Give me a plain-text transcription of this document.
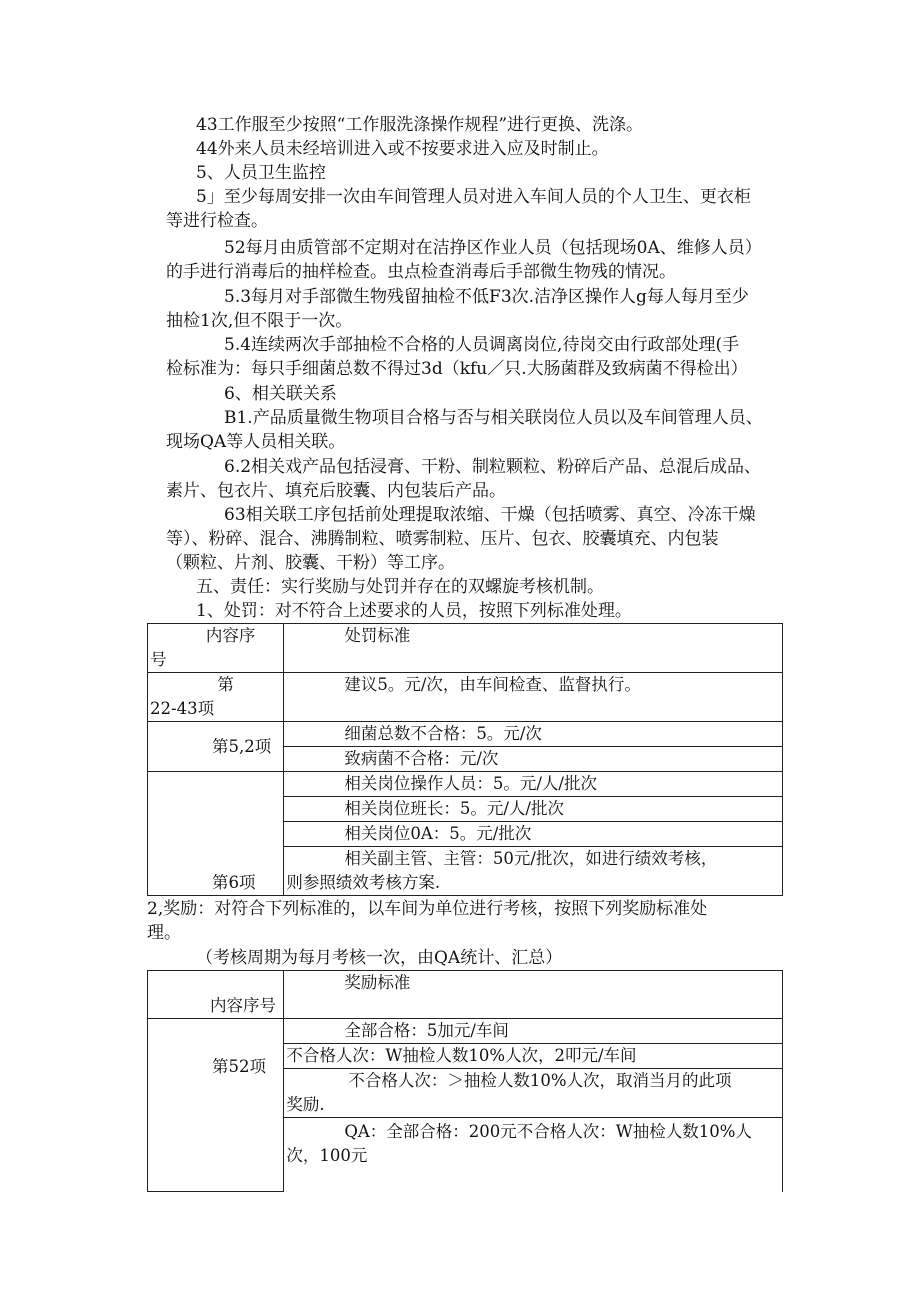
43工作服至少按照“工作服洗涤操作规程”进行更换、洗涤。
44外来人员未经培训进入或不按要求进入应及时制止。
5、人员卫生监控
5」至少每周安排一次由车间管理人员对进入车间人员的个人卫生、更衣柜
等进行检查。
52每月由质管部不定期对在洁挣区作业人员（包括现场0A、维修人员）
的手进行消毒后的抽样检查。虫点检查消毒后手部微生物残的情况。
5.3每月对手部微生物残留抽检不低F3次.洁净区操作人g每人每月至少
抽检1次,但不限于一次。
5.4连续两次手部抽检不合格的人员调离岗位,待岗交由行政部处理(手
检标准为：每只手细菌总数不得过3d（kfu／只.大肠菌群及致病菌不得检出）
6、相关联关系
B1.产品质量微生物项目合格与否与相关联岗位人员以及车间管理人员、
现场QA等人员相关联。
6.2相关戏产品包括浸膏、干粉、制粒颗粒、粉碎后产品、总混后成品、
素片、包衣片、填充后胶囊、内包装后产品。
63相关联工序包括前处理提取浓缩、干燥（包括喷雾、真空、冷冻干燥
等）、粉碎、混合、沸腾制粒、喷雾制粒、压片、包衣、胶囊填充、内包装
（颗粒、片剂、胶囊、干粉）等工序。
五、责任：实行奖励与处罚并存在的双螺旋考核机制。
1、处罚：对不符合上述要求的人员，按照下列标准处理。
内容序
号	处罚标准

第
22-43项	建议5。元/次，由车间检查、监督执行。

第5,2项	细菌总数不合格：5。元/次
	致病菌不合格：元/次

第6项	相关岗位操作人员：5。元/人/批次
	相关岗位班长：5。元/人/批次
	相关岗位0A：5。元/批次

	相关副主管、主管：50元/批次，如进行绩效考核，
则参照绩效考核方案.
2,奖励：对符合下列标准的，以车间为单位进行考核，按照下列奖励标准处
理。
（考核周期为每月考核一次，由QA统计、汇总）
内容序号	奖励标准

第52项	全部合格：5加元/车间
	不合格人次：W抽检人数10%人次，2叩元/车间

	不合格人次：＞抽检人数10%人次，取消当月的此项
奖励.

	QA：全部合格：200元不合格人次：W抽检人数10%人
次，100元
